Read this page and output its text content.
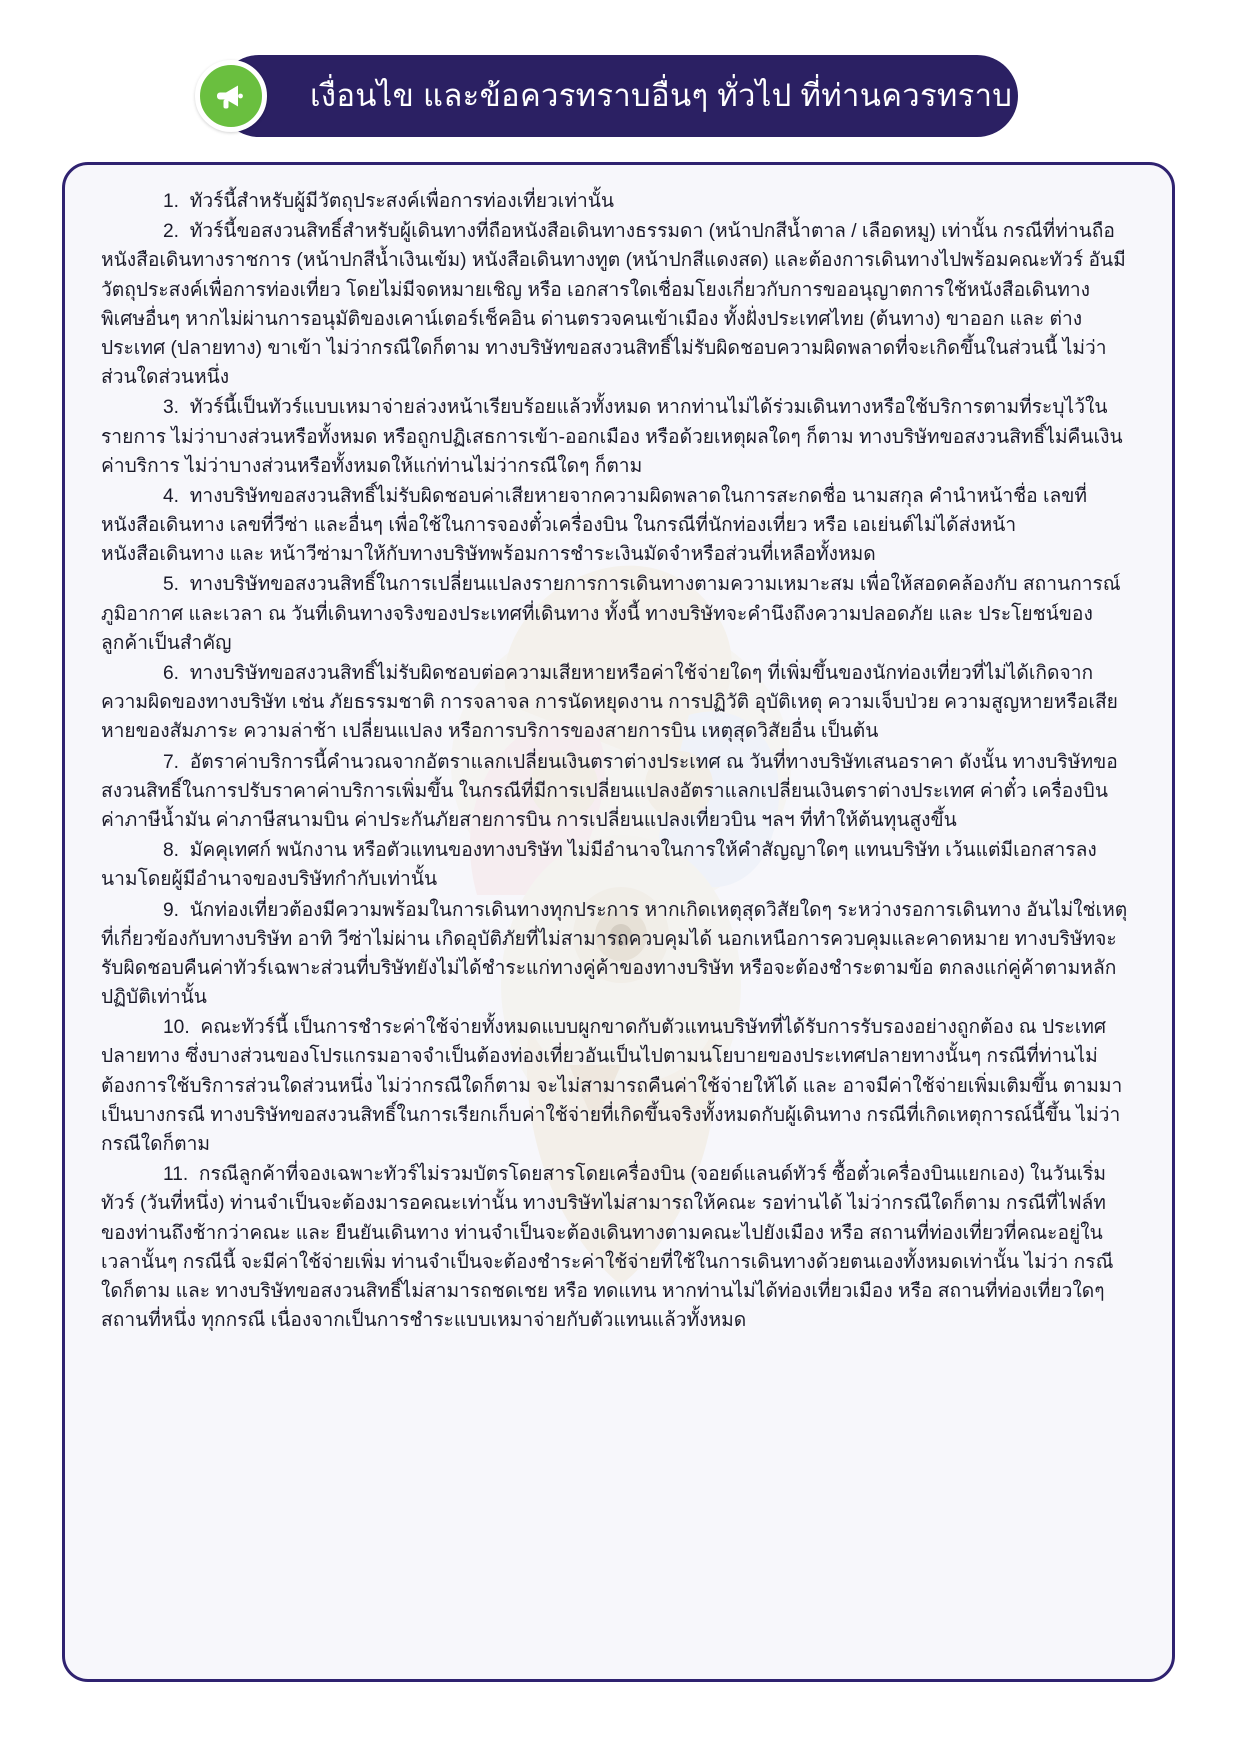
เงื่อนไข และข้อควรทราบอื่นๆ ทั่วไป ที่ท่านควรทราบ
1. ทัวร์นี้สำหรับผู้มีวัตถุประสงค์เพื่อการท่องเที่ยวเท่านั้น
2. ทัวร์นี้ขอสงวนสิทธิ์สำหรับผู้เดินทางที่ถือหนังสือเดินทางธรรมดา (หน้าปกสีน้ำตาล / เลือดหมู) เท่านั้น กรณีที่ท่านถือหนังสือเดินทางราชการ (หน้าปกสีน้ำเงินเข้ม) หนังสือเดินทางทูต (หน้าปกสีแดงสด) และต้องการเดินทางไปพร้อมคณะทัวร์ อันมีวัตถุประสงค์เพื่อการท่องเที่ยว โดยไม่มีจดหมายเชิญ หรือ เอกสารใดเชื่อมโยงเกี่ยวกับการขออนุญาตการใช้หนังสือเดินทางพิเศษอื่นๆ หากไม่ผ่านการอนุมัติของเคาน์เตอร์เช็คอิน ด่านตรวจคนเข้าเมือง ทั้งฝั่งประเทศไทย (ต้นทาง) ขาออก และ ต่างประเทศ (ปลายทาง) ขาเข้า ไม่ว่ากรณีใดก็ตาม ทางบริษัทขอสงวนสิทธิ์ไม่รับผิดชอบความผิดพลาดที่จะเกิดขึ้นในส่วนนี้ ไม่ว่าส่วนใดส่วนหนึ่ง
3. ทัวร์นี้เป็นทัวร์แบบเหมาจ่ายล่วงหน้าเรียบร้อยแล้วทั้งหมด หากท่านไม่ได้ร่วมเดินทางหรือใช้บริการตามที่ระบุไว้ในรายการ ไม่ว่าบางส่วนหรือทั้งหมด หรือถูกปฏิเสธการเข้า-ออกเมือง หรือด้วยเหตุผลใดๆ ก็ตาม ทางบริษัทขอสงวนสิทธิ์ไม่คืนเงินค่าบริการ ไม่ว่าบางส่วนหรือทั้งหมดให้แก่ท่านไม่ว่ากรณีใดๆ ก็ตาม
4. ทางบริษัทขอสงวนสิทธิ์ไม่รับผิดชอบค่าเสียหายจากความผิดพลาดในการสะกดชื่อ นามสกุล คำนำหน้าชื่อ เลขที่หนังสือเดินทาง เลขที่วีซ่า และอื่นๆ เพื่อใช้ในการจองตั๋วเครื่องบิน ในกรณีที่นักท่องเที่ยว หรือ เอเย่นต์ไม่ได้ส่งหน้าหนังสือเดินทาง และ หน้าวีซ่ามาให้กับทางบริษัทพร้อมการชำระเงินมัดจำหรือส่วนที่เหลือทั้งหมด
5. ทางบริษัทขอสงวนสิทธิ์ในการเปลี่ยนแปลงรายการการเดินทางตามความเหมาะสม เพื่อให้สอดคล้องกับ สถานการณ์ ภูมิอากาศ และเวลา ณ วันที่เดินทางจริงของประเทศที่เดินทาง ทั้งนี้ ทางบริษัทจะคำนึงถึงความปลอดภัย และ ประโยชน์ของลูกค้าเป็นสำคัญ
6. ทางบริษัทขอสงวนสิทธิ์ไม่รับผิดชอบต่อความเสียหายหรือค่าใช้จ่ายใดๆ ที่เพิ่มขึ้นของนักท่องเที่ยวที่ไม่ได้เกิดจากความผิดของทางบริษัท เช่น ภัยธรรมชาติ การจลาจล การนัดหยุดงาน การปฏิวัติ อุบัติเหตุ ความเจ็บป่วย ความสูญหายหรือเสียหายของสัมภาระ ความล่าช้า เปลี่ยนแปลง หรือการบริการของสายการบิน เหตุสุดวิสัยอื่น เป็นต้น
7. อัตราค่าบริการนี้คำนวณจากอัตราแลกเปลี่ยนเงินตราต่างประเทศ ณ วันที่ทางบริษัทเสนอราคา ดังนั้น ทางบริษัทขอสงวนสิทธิ์ในการปรับราคาค่าบริการเพิ่มขึ้น ในกรณีที่มีการเปลี่ยนแปลงอัตราแลกเปลี่ยนเงินตราต่างประเทศ ค่าตั๋ว เครื่องบิน ค่าภาษีน้ำมัน ค่าภาษีสนามบิน ค่าประกันภัยสายการบิน การเปลี่ยนแปลงเที่ยวบิน ฯลฯ ที่ทำให้ต้นทุนสูงขึ้น
8. มัคคุเทศก์ พนักงาน หรือตัวแทนของทางบริษัท ไม่มีอำนาจในการให้คำสัญญาใดๆ แทนบริษัท เว้นแต่มีเอกสารลงนามโดยผู้มีอำนาจของบริษัทกำกับเท่านั้น
9. นักท่องเที่ยวต้องมีความพร้อมในการเดินทางทุกประการ หากเกิดเหตุสุดวิสัยใดๆ ระหว่างรอการเดินทาง อันไม่ใช่เหตุที่เกี่ยวข้องกับทางบริษัท อาทิ วีซ่าไม่ผ่าน เกิดอุบัติภัยที่ไม่สามารถควบคุมได้ นอกเหนือการควบคุมและคาดหมาย ทางบริษัทจะรับผิดชอบคืนค่าทัวร์เฉพาะส่วนที่บริษัทยังไม่ได้ชำระแก่ทางคู่ค้าของทางบริษัท หรือจะต้องชำระตามข้อ ตกลงแก่คู่ค้าตามหลักปฏิบัติเท่านั้น
10. คณะทัวร์นี้ เป็นการชำระค่าใช้จ่ายทั้งหมดแบบผูกขาดกับตัวแทนบริษัทที่ได้รับการรับรองอย่างถูกต้อง ณ ประเทศปลายทาง ซึ่งบางส่วนของโปรแกรมอาจจำเป็นต้องท่องเที่ยวอันเป็นไปตามนโยบายของประเทศปลายทางนั้นๆ กรณีที่ท่านไม่ต้องการใช้บริการส่วนใดส่วนหนึ่ง ไม่ว่ากรณีใดก็ตาม จะไม่สามารถคืนค่าใช้จ่ายให้ได้ และ อาจมีค่าใช้จ่ายเพิ่มเติมขึ้น ตามมาเป็นบางกรณี ทางบริษัทขอสงวนสิทธิ์ในการเรียกเก็บค่าใช้จ่ายที่เกิดขึ้นจริงทั้งหมดกับผู้เดินทาง กรณีที่เกิดเหตุการณ์นี้ขึ้น ไม่ว่ากรณีใดก็ตาม
11. กรณีลูกค้าที่จองเฉพาะทัวร์ไม่รวมบัตรโดยสารโดยเครื่องบิน (จอยด์แลนด์ทัวร์ ซื้อตั๋วเครื่องบินแยกเอง) ในวันเริ่มทัวร์ (วันที่หนึ่ง) ท่านจำเป็นจะต้องมารอคณะเท่านั้น ทางบริษัทไม่สามารถให้คณะ รอท่านได้ ไม่ว่ากรณีใดก็ตาม กรณีที่ไฟล์ทของท่านถึงช้ากว่าคณะ และ ยืนยันเดินทาง ท่านจำเป็นจะต้องเดินทางตามคณะไปยังเมือง หรือ สถานที่ท่องเที่ยวที่คณะอยู่ในเวลานั้นๆ กรณีนี้ จะมีค่าใช้จ่ายเพิ่ม ท่านจำเป็นจะต้องชำระค่าใช้จ่ายที่ใช้ในการเดินทางด้วยตนเองทั้งหมดเท่านั้น ไม่ว่า กรณีใดก็ตาม และ ทางบริษัทขอสงวนสิทธิ์ไม่สามารถชดเชย หรือ ทดแทน หากท่านไม่ได้ท่องเที่ยวเมือง หรือ สถานที่ท่องเที่ยวใดๆ สถานที่หนึ่ง ทุกกรณี เนื่องจากเป็นการชำระแบบเหมาจ่ายกับตัวแทนแล้วทั้งหมด
